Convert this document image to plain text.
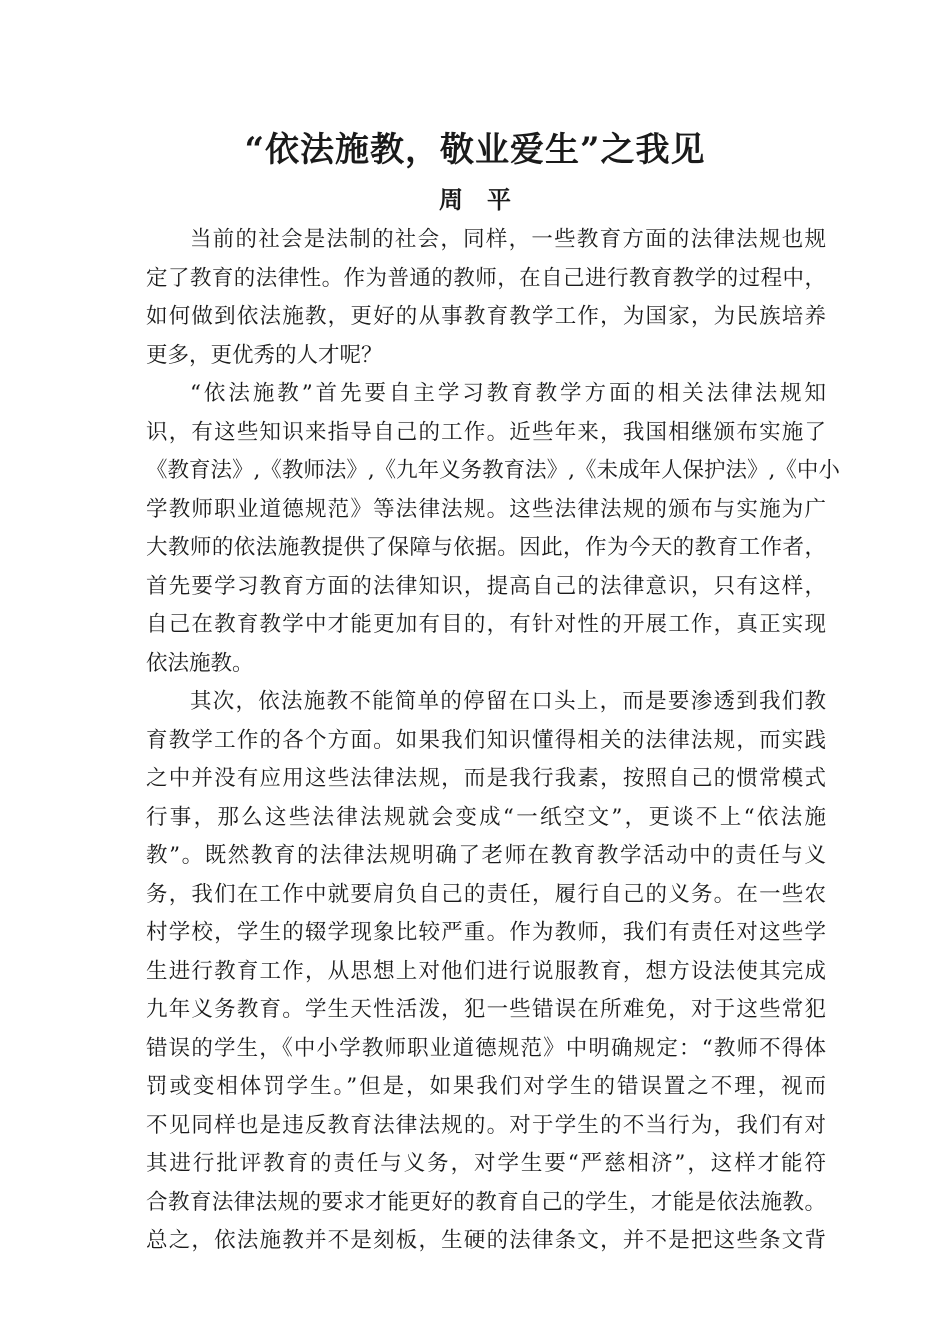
“依法施教，敬业爱生”之我见
周　平
当前的社会是法制的社会，同样，一些教育方面的法律法规也规
定了教育的法律性。作为普通的教师，在自己进行教育教学的过程中，
如何做到依法施教，更好的从事教育教学工作，为国家，为民族培养
更多，更优秀的人才呢？
“依法施教”首先要自主学习教育教学方面的相关法律法规知
识，有这些知识来指导自己的工作。近些年来，我国相继颁布实施了
《教育法》,《教师法》,《九年义务教育法》,《未成年人保护法》,《中小
学教师职业道德规范》等法律法规。这些法律法规的颁布与实施为广
大教师的依法施教提供了保障与依据。因此，作为今天的教育工作者，
首先要学习教育方面的法律知识，提高自己的法律意识，只有这样，
自己在教育教学中才能更加有目的，有针对性的开展工作，真正实现
依法施教。
其次，依法施教不能简单的停留在口头上，而是要渗透到我们教
育教学工作的各个方面。如果我们知识懂得相关的法律法规，而实践
之中并没有应用这些法律法规，而是我行我素，按照自己的惯常模式
行事，那么这些法律法规就会变成“一纸空文”，更谈不上“依法施
教”。既然教育的法律法规明确了老师在教育教学活动中的责任与义
务，我们在工作中就要肩负自己的责任，履行自己的义务。在一些农
村学校，学生的辍学现象比较严重。作为教师，我们有责任对这些学
生进行教育工作，从思想上对他们进行说服教育，想方设法使其完成
九年义务教育。学生天性活泼，犯一些错误在所难免，对于这些常犯
错误的学生，《中小学教师职业道德规范》中明确规定：“教师不得体
罚或变相体罚学生。”但是，如果我们对学生的错误置之不理，视而
不见同样也是违反教育法律法规的。对于学生的不当行为，我们有对
其进行批评教育的责任与义务，对学生要“严慈相济”，这样才能符
合教育法律法规的要求才能更好的教育自己的学生，才能是依法施教。
总之，依法施教并不是刻板，生硬的法律条文，并不是把这些条文背
